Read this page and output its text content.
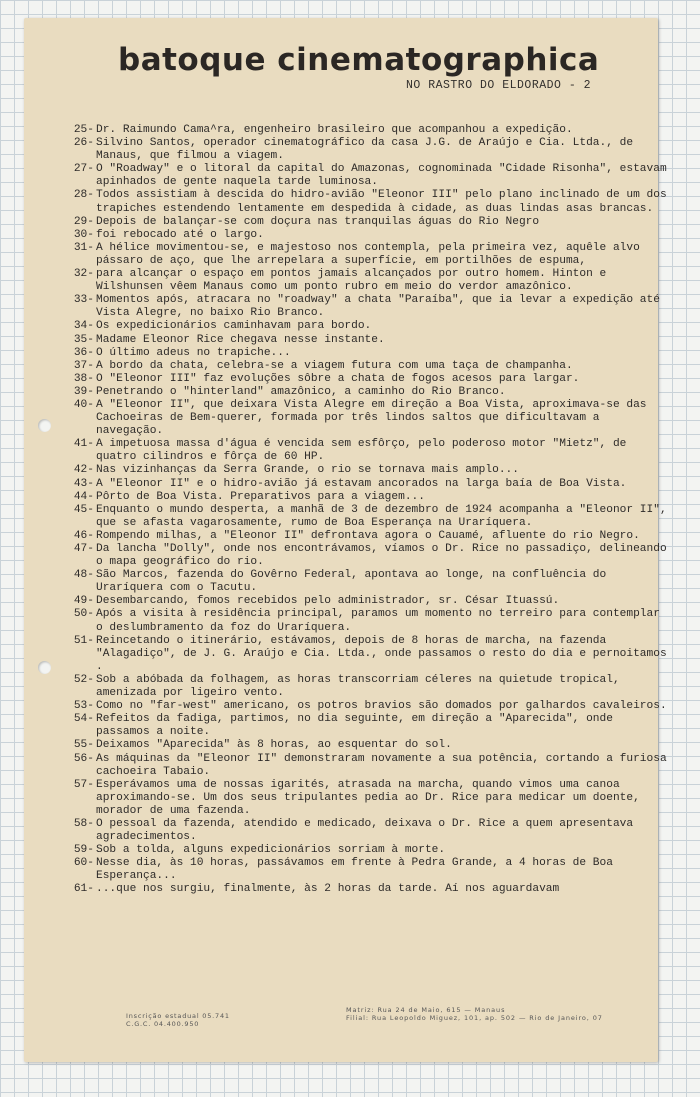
batoque cinematographica
NO RASTRO DO ELDORADO - 2
25- Dr. Raimundo Cama^ra, engenheiro brasileiro que acompanhou a expedição.
26- Silvino Santos, operador cinematográfico da casa J.G. de Araújo e Cia. Ltda., de Manaus, que filmou a viagem.
27- O "Roadway" e o litoral da capital do Amazonas, cognominada "Cidade Risonha", estavam apinhados de gente naquela tarde luminosa.
28- Todos assistiam à descida do hidro-avião "Eleonor III" pelo plano inclinado de um dos trapiches estendendo lentamente em despedida à cidade, as duas lindas asas brancas.
29- Depois de balançar-se com doçura nas tranquilas águas do Rio Negro
30- foi rebocado até o largo.
31- A hélice movimentou-se, e majestoso nos contempla, pela primeira vez, aquêle alvo pássaro de aço, que lhe arrepelara a superfície, em portilhões de espuma,
32- para alcançar o espaço em pontos jamais alcançados por outro homem. Hinton e Wilshunsen vêem Manaus como um ponto rubro em meio do verdor amazônico.
33- Momentos após, atracara no "roadway" a chata "Paraíba", que ia levar a expedição até Vista Alegre, no baixo Rio Branco.
34- Os expedicionários caminhavam para bordo.
35- Madame Eleonor Rice chegava nesse instante.
36- O último adeus no trapiche...
37- A bordo da chata, celebra-se a viagem futura com uma taça de champanha.
38- O "Eleonor III" faz evoluções sôbre a chata de fogos acesos para largar.
39- Penetrando o "hinterland" amazônico, a caminho do Rio Branco.
40- A "Eleonor II", que deixara Vista Alegre em direção a Boa Vista, aproximava-se das Cachoeiras de Bem-querer, formada por três lindos saltos que dificultavam a navegação.
41- A impetuosa massa d'água é vencida sem esfôrço, pelo poderoso motor "Mietz", de quatro cilindros e fôrça de 60 HP.
42- Nas vizinhanças da Serra Grande, o rio se tornava mais amplo...
43- A "Eleonor II" e o hidro-avião já estavam ancorados na larga baía de Boa Vista.
44- Pôrto de Boa Vista. Preparativos para a viagem...
45- Enquanto o mundo desperta, a manhã de 3 de dezembro de 1924 acompanha a "Eleonor II", que se afasta vagarosamente, rumo de Boa Esperança na Uraríquera.
46- Rompendo milhas, a "Eleonor II" defrontava agora o Cauamé, afluente do rio Negro.
47- Da lancha "Dolly", onde nos encontrávamos, víamos o Dr. Rice no passadiço, delineando o mapa geográfico do rio.
48- São Marcos, fazenda do Govêrno Federal, apontava ao longe, na confluência do Uraríquera com o Tacutu.
49- Desembarcando, fomos recebidos pelo administrador, sr. César Ituassú.
50- Após a visita à residência principal, paramos um momento no terreiro para contemplar o deslumbramento da foz do Uraríquera.
51- Reincetando o itinerário, estávamos, depois de 8 horas de marcha, na fazenda "Alagadiço", de J. G. Araújo e Cia. Ltda., onde passamos o resto do dia e pernoitamos .
52- Sob a abóbada da folhagem, as horas transcorriam céleres na quietude tropical, amenizada por ligeiro vento.
53- Como no "far-west" americano, os potros bravios são domados por galhardos cavaleiros.
54- Refeitos da fadiga, partimos, no dia seguinte, em direção a "Aparecida", onde passamos a noite.
55- Deixamos "Aparecida" às 8 horas, ao esquentar do sol.
56- As máquinas da "Eleonor II" demonstraram novamente a sua potência, cortando a furiosa cachoeira Tabaio.
57- Esperávamos uma de nossas igarités, atrasada na marcha, quando vimos uma canoa aproximando-se. Um dos seus tripulantes pedia ao Dr. Rice para medicar um doente, morador de uma fazenda.
58- O pessoal da fazenda, atendido e medicado, deixava o Dr. Rice a quem apresentava agradecimentos.
59- Sob a tolda, alguns expedicionários sorriam à morte.
60- Nesse dia, às 10 horas, passávamos em frente à Pedra Grande, a 4 horas de Boa Esperança...
61- ...que nos surgiu, finalmente, às 2 horas da tarde. Aí nos aguardavam
Inscrição estadual 05.741
C.G.C. 04.400.950
Matriz: Rua 24 de Maio, 615 — Manaus
Filial: Rua Leopoldo Miguez, 101, ap. 502 — Rio de Janeiro, 07
